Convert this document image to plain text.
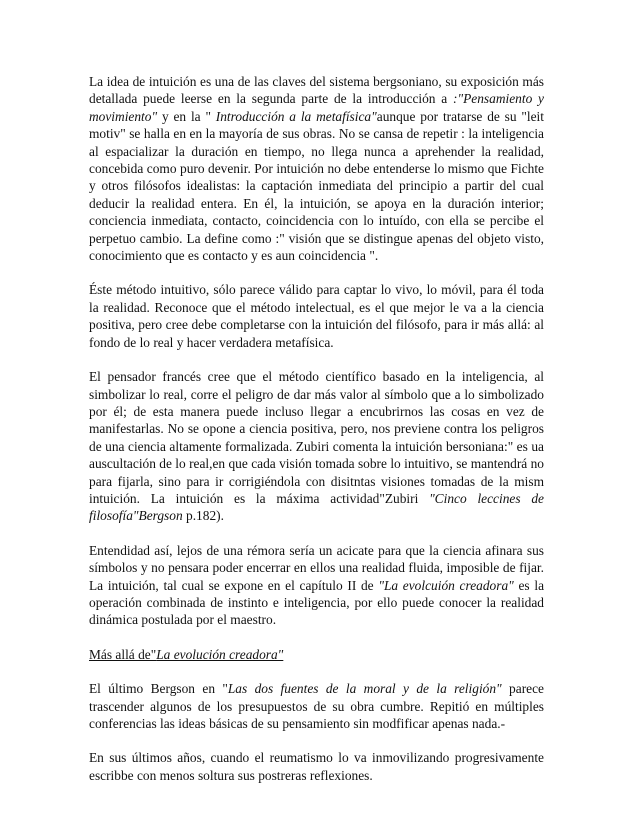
La idea de intuición es una de las claves del sistema bergsoniano, su exposición más detallada puede leerse en la segunda parte de la introducción a :"Pensamiento y movimiento" y en la " Introducción a la metafísica"aunque por tratarse de su "leit motiv" se halla en en la mayoría de sus obras. No se cansa de repetir : la inteligencia al espacializar la duración en tiempo, no llega nunca a aprehender la realidad, concebida como puro devenir. Por intuición no debe entenderse lo mismo que Fichte y otros filósofos idealistas: la captación inmediata del principio a partir del cual deducir la realidad entera. En él, la intuición, se apoya en la duración interior; conciencia inmediata, contacto, coincidencia con lo intuído, con ella se percibe el perpetuo cambio. La define como :" visión que se distingue apenas del objeto visto, conocimiento que es contacto y es aun coincidencia ".

Éste método intuitivo, sólo parece válido para captar lo vivo, lo móvil, para él toda la realidad. Reconoce que el método intelectual, es el que mejor le va a la ciencia positiva, pero cree debe completarse con la intuición del filósofo, para ir más allá: al fondo de lo real y hacer verdadera metafísica.

El pensador francés cree que el método científico basado en la inteligencia, al simbolizar lo real, corre el peligro de dar más valor al símbolo que a lo simbolizado por él; de esta manera puede incluso llegar a encubrirnos las cosas en vez de manifestarlas. No se opone a ciencia positiva, pero, nos previene contra los peligros de una ciencia altamente formalizada. Zubiri comenta la intuición bersoniana:" es ua auscultación de lo real,en que cada visión tomada sobre lo intuitivo, se mantendrá no para fijarla, sino para ir corrigiéndola con disitntas visiones tomadas de la mism intuición. La intuición es la máxima actividad"Zubiri "Cinco leccines de filosofía"Bergson p.182).

Entendidad así, lejos de una rémora sería un acicate para que la ciencia afinara sus símbolos y no pensara poder encerrar en ellos una realidad fluida, imposible de fijar. La intuición, tal cual se expone en el capítulo II de "La evolcuión creadora" es la operación combinada de instinto e inteligencia, por ello puede conocer la realidad dinámica postulada por el maestro.

Más allá de"La evolución creadora"

El último Bergson en "Las dos fuentes de la moral y de la religión" parece trascender algunos de los presupuestos de su obra cumbre. Repitió en múltiples conferencias las ideas básicas de su pensamiento sin modfificar apenas nada.-

En sus últimos años, cuando el reumatismo lo va inmovilizando progresivamente escribbe con menos soltura sus postreras reflexiones.
